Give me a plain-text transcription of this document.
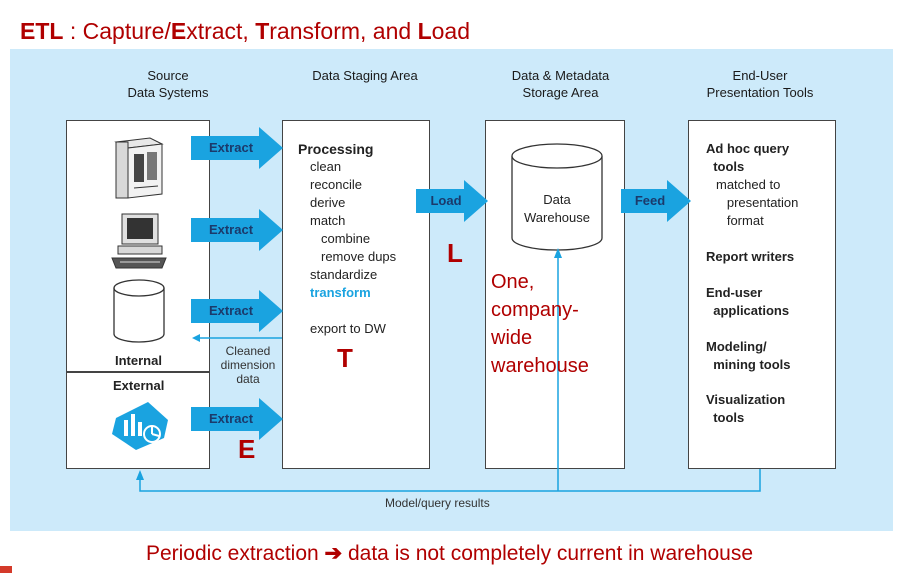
ETL : Capture/Extract, Transform, and Load
Source
Data Systems
Data Staging Area	Data & Metadata
Storage Area
End-User
Presentation Tools
Internal
External
Extract
Extract
Extract
Extract
Load	Feed
Processing
clean
reconcile
derive
match
combine
remove dups
standardize
transform
export to DW
Cleaned
dimension
data
Data
Warehouse
Ad hoc query
tools
matched to
presentation
format
Report writers
End-user
applications
Modeling/
mining tools
Visualization
tools
Model/query results
E
T
L
One,
company-
wide
warehouse
Periodic extraction ➔ data is not completely current in warehouse
